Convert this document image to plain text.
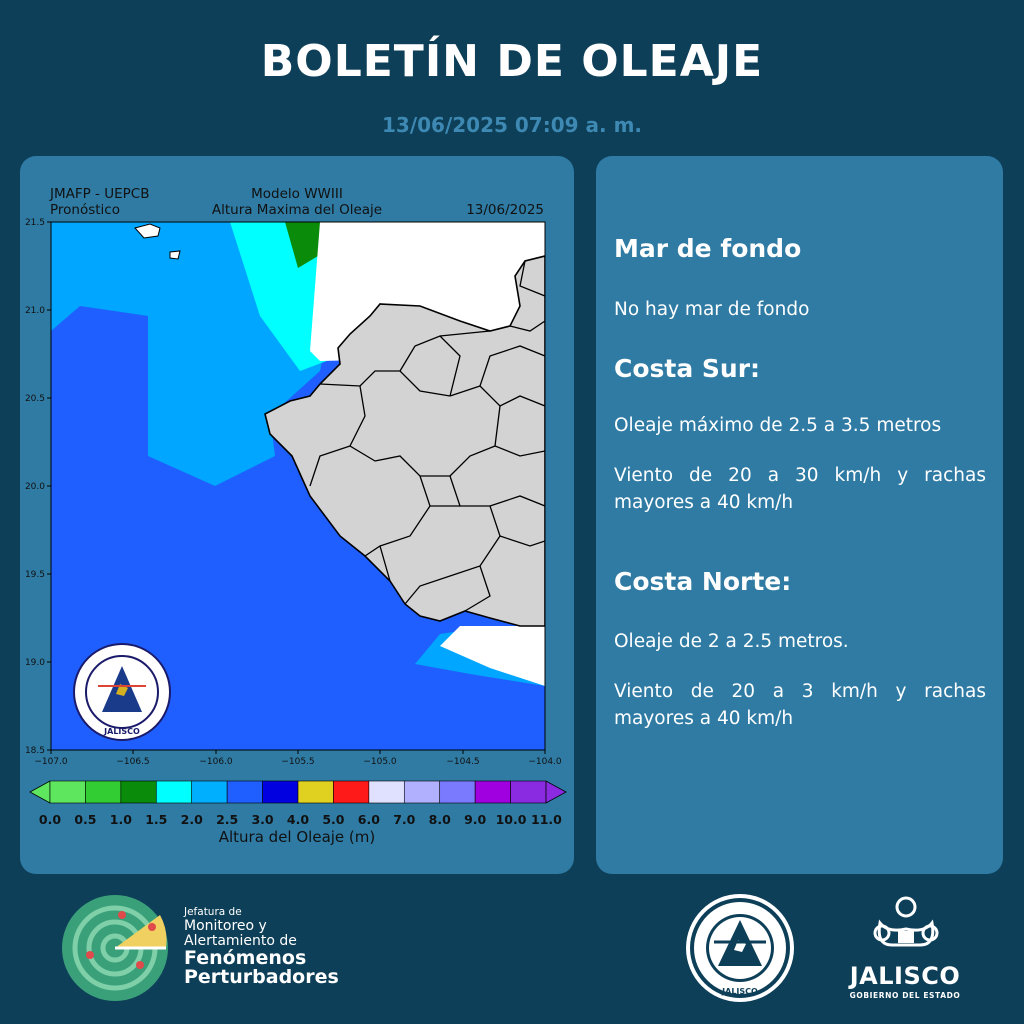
BOLETÍN DE OLEAJE
13/06/2025 07:09 a. m.
JMAFP - UEPCB
Pronóstico
Modelo WWIII
Altura Maxima del Oleaje	13/06/2025
21.5
21.0
20.5
20.0
19.5
19.0
18.5
−107.0	−106.5	−106.0	−105.5	−105.0	−104.5	−104.0
JALISCO
0.0	0.5	1.0	1.5	2.0	2.5	3.0	4.0	5.0	6.0	7.0	8.0	9.0 10.0 11.0
Altura del Oleaje (m)
Mar de fondo
No hay mar de fondo
Costa Sur:
Oleaje máximo de 2.5 a 3.5 metros
Viento de 20 a 30 km/h y rachas mayores a 40 km/h
Costa Norte:
Oleaje de 2 a 2.5 metros.
Viento de 20 a 3 km/h y rachas mayores a 40 km/h
Jefatura de
Monitoreo y
Alertamiento de
Fenómenos
Perturbadores
JALISCO
JALISCO
GOBIERNO DEL ESTADO
